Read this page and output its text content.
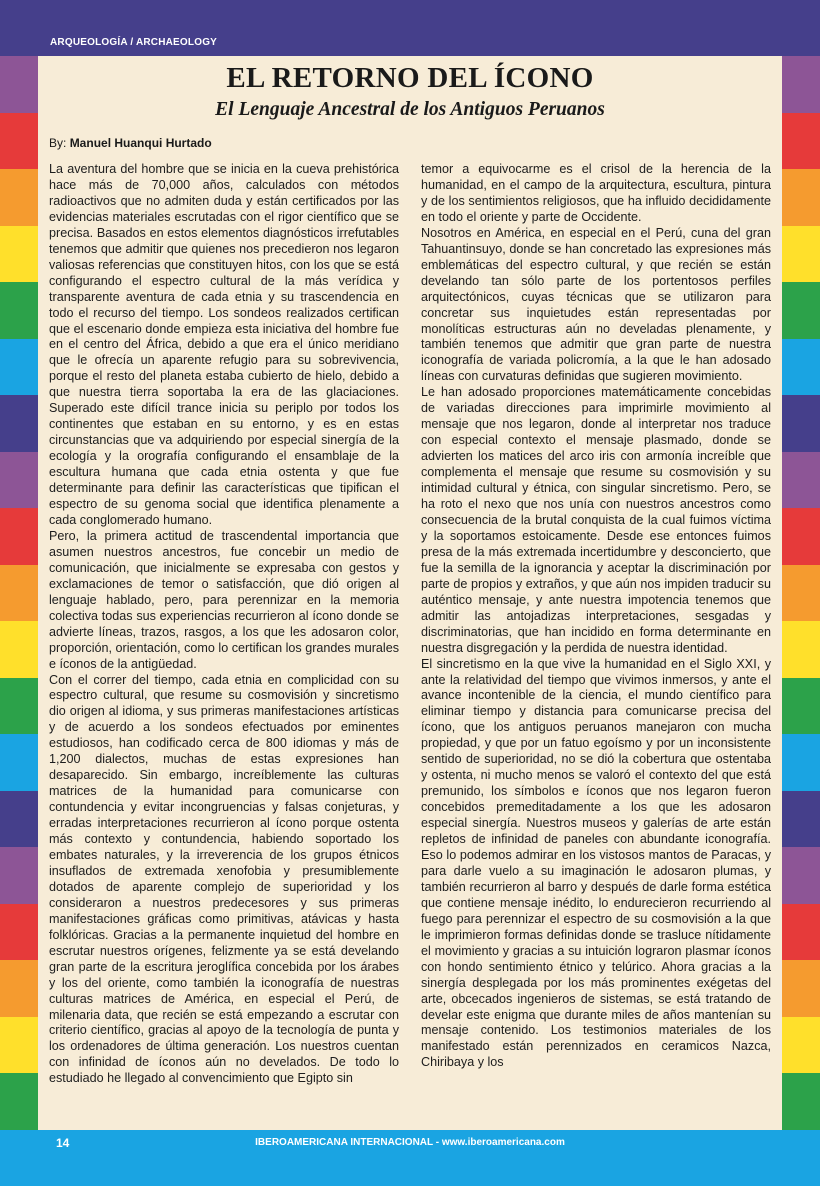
ARQUEOLOGÍA / ARCHAEOLOGY
EL RETORNO DEL ÍCONO
El Lenguaje Ancestral de los Antiguos Peruanos
By: Manuel Huanqui Hurtado

La aventura del hombre que se inicia en la cueva prehistórica hace más de 70,000 años, calculados con métodos radioactivos que no admiten duda y están certificados por las evidencias materiales escrutadas con el rigor científico que se precisa. Basados en estos elementos diagnósticos irrefutables tenemos que admitir que quienes nos precedieron nos legaron valiosas referencias que constituyen hitos, con los que se está configurando el espectro cultural de la más verídica y transparente aventura de cada etnia y su trascendencia en todo el recurso del tiempo. Los sondeos realizados certifican que el escenario donde empieza esta iniciativa del hombre fue en el centro del África, debido a que era el único meridiano que le ofrecía un aparente refugio para su sobrevivencia, porque el resto del planeta estaba cubierto de hielo, debido a que nuestra tierra soportaba la era de las glaciaciones. Superado este difícil trance inicia su periplo por todos los continentes que estaban en su entorno, y es en estas circunstancias que va adquiriendo por especial sinergía de la ecología y la orografía configurando el ensamblaje de la escultura humana que cada etnia ostenta y que fue determinante para definir las características que tipifican el espectro de su genoma social que identifica plenamente a cada conglomerado humano.

Pero, la primera actitud de trascendental importancia que asumen nuestros ancestros, fue concebir un medio de comunicación, que inicialmente se expresaba con gestos y exclamaciones de temor o satisfacción, que dió origen al lenguaje hablado, pero, para perennizar en la memoria colectiva todas sus experiencias recurrieron al ícono donde se advierte líneas, trazos, rasgos, a los que les adosaron color, proporción, orientación, como lo certifican los grandes murales e íconos de la antigüedad.

Con el correr del tiempo, cada etnia en complicidad con su espectro cultural, que resume su cosmovisión y sincretismo dio origen al idioma, y sus primeras manifestaciones artísticas y de acuerdo a los sondeos efectuados por eminentes estudiosos, han codificado cerca de 800 idiomas y más de 1,200 dialectos, muchas de estas expresiones han desaparecido. Sin embargo, increíblemente las culturas matrices de la humanidad para comunicarse con contundencia y evitar incongruencias y falsas conjeturas, y erradas interpretaciones recurrieron al ícono porque ostenta más contexto y contundencia, habiendo soportado los embates naturales, y la irreverencia de los grupos étnicos insuflados de extremada xenofobia y presumiblemente dotados de aparente complejo de superioridad y los consideraron a nuestros predecesores y sus primeras manifestaciones gráficas como primitivas, atávicas y hasta folklóricas. Gracias a la permanente inquietud del hombre en escrutar nuestros orígenes, felizmente ya se está develando gran parte de la escritura jeroglífica concebida por los árabes y los del oriente, como también la iconografía de nuestras culturas matrices de América, en especial el Perú, de milenaria data, que recién se está empezando a escrutar con criterio científico, gracias al apoyo de la tecnología de punta y los ordenadores de última generación. Los nuestros cuentan con infinidad de íconos aún no develados. De todo lo estudiado he llegado al convencimiento que Egipto sin

temor a equivocarme es el crisol de la herencia de la humanidad, en el campo de la arquitectura, escultura, pintura y de los sentimientos religiosos, que ha influido decididamente en todo el oriente y parte de Occidente.

Nosotros en América, en especial en el Perú, cuna del gran Tahuantinsuyo, donde se han concretado las expresiones más emblemáticas del espectro cultural, y que recién se están develando tan sólo parte de los portentosos perfiles arquitectónicos, cuyas técnicas que se utilizaron para concretar sus inquietudes están representadas por monolíticas estructuras aún no develadas plenamente, y también tenemos que admitir que gran parte de nuestra iconografía de variada policromía, a la que le han adosado líneas con curvaturas definidas que sugieren movimiento.

Le han adosado proporciones matemáticamente concebidas de variadas direcciones para imprimirle movimiento al mensaje que nos legaron, donde al interpretar nos traduce con especial contexto el mensaje plasmado, donde se advierten los matices del arco iris con armonía increíble que complementa el mensaje que resume su cosmovisión y su intimidad cultural y étnica, con singular sincretismo. Pero, se ha roto el nexo que nos unía con nuestros ancestros como consecuencia de la brutal conquista de la cual fuimos víctima y la soportamos estoicamente. Desde ese entonces fuimos presa de la más extremada incertidumbre y desconcierto, que fue la semilla de la ignorancia y aceptar la discriminación por parte de propios y extraños, y que aún nos impiden traducir su auténtico mensaje, y ante nuestra impotencia tenemos que admitir las antojadizas interpretaciones, sesgadas y discriminatorias, que han incidido en forma determinante en nuestra disgregación y la perdida de nuestra identidad.

El sincretismo en la que vive la humanidad en el Siglo XXI, y ante la relatividad del tiempo que vivimos inmersos, y ante el avance incontenible de la ciencia, el mundo científico para eliminar tiempo y distancia para comunicarse precisa del ícono, que los antiguos peruanos manejaron con mucha propiedad, y que por un fatuo egoísmo y por un inconsistente sentido de superioridad, no se dió la cobertura que ostentaba y ostenta, ni mucho menos se valoró el contexto del que está premunido, los símbolos e íconos que nos legaron fueron concebidos premeditadamente a los que les adosaron especial sinergía. Nuestros museos y galerías de arte están repletos de infinidad de paneles con abundante iconografía. Eso lo podemos admirar en los vistosos mantos de Paracas, y para darle vuelo a su imaginación le adosaron plumas, y también recurrieron al barro y después de darle forma estética que contiene mensaje inédito, lo endurecieron recurriendo al fuego para perennizar el espectro de su cosmovisión a la que le imprimieron formas definidas donde se trasluce nítidamente el movimiento y gracias a su intuición lograron plasmar íconos con hondo sentimiento étnico y telúrico. Ahora gracias a la sinergía desplegada por los más prominentes exégetas del arte, obcecados ingenieros de sistemas, se está tratando de develar este enigma que durante miles de años mantenían su mensaje contenido. Los testimonios materiales de los manifestado están perennizados en ceramicos Nazca, Chiribaya y los

14	IBEROAMERICANA INTERNACIONAL - www.iberoamericana.com
